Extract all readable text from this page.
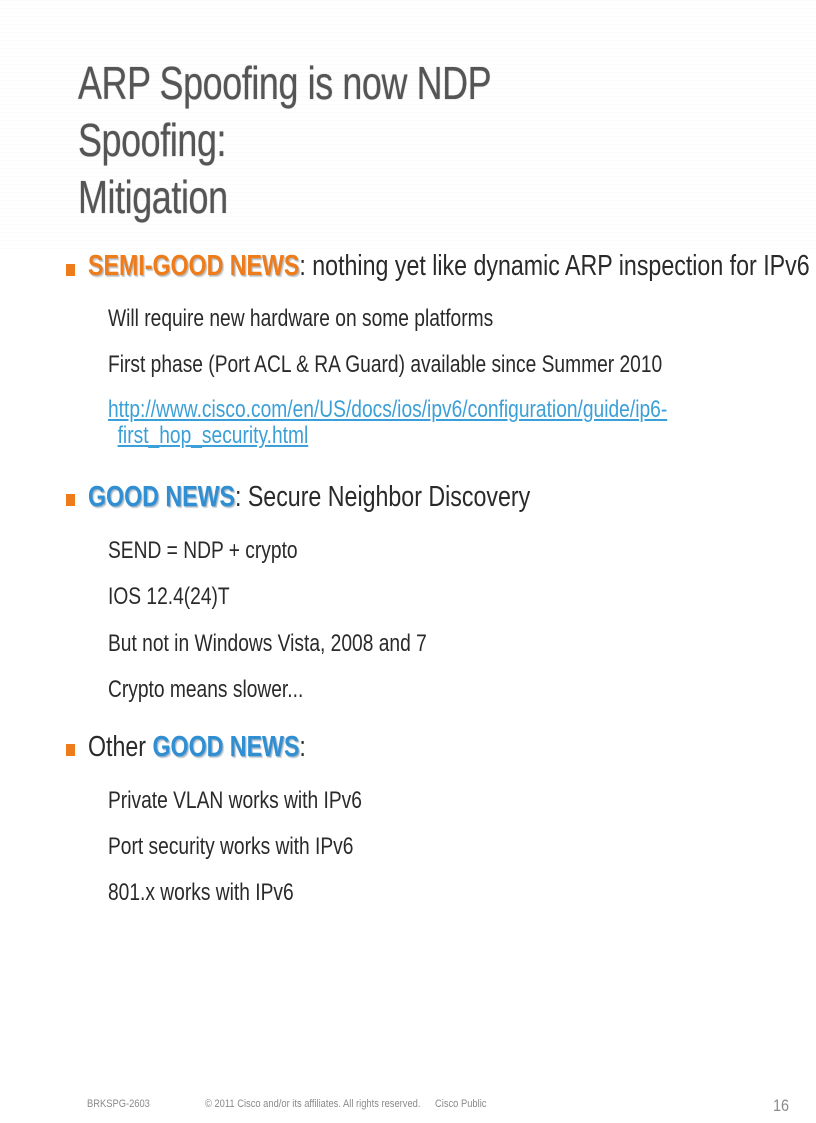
ARP Spoofing is now NDP Spoofing:
Mitigation
SEMI-GOOD NEWS: nothing yet like dynamic ARP inspection for IPv6
Will require new hardware on some platforms
First phase (Port ACL & RA Guard) available since Summer 2010
http://www.cisco.com/en/US/docs/ios/ipv6/configuration/guide/ip6-
first_hop_security.html
GOOD NEWS: Secure Neighbor Discovery
SEND = NDP + crypto
IOS 12.4(24)T
But not in Windows Vista, 2008 and 7
Crypto means slower...
Other GOOD NEWS:
Private VLAN works with IPv6
Port security works with IPv6
801.x works with IPv6
BRKSPG-2603	© 2011 Cisco and/or its affiliates. All rights reserved. Cisco Public	16
